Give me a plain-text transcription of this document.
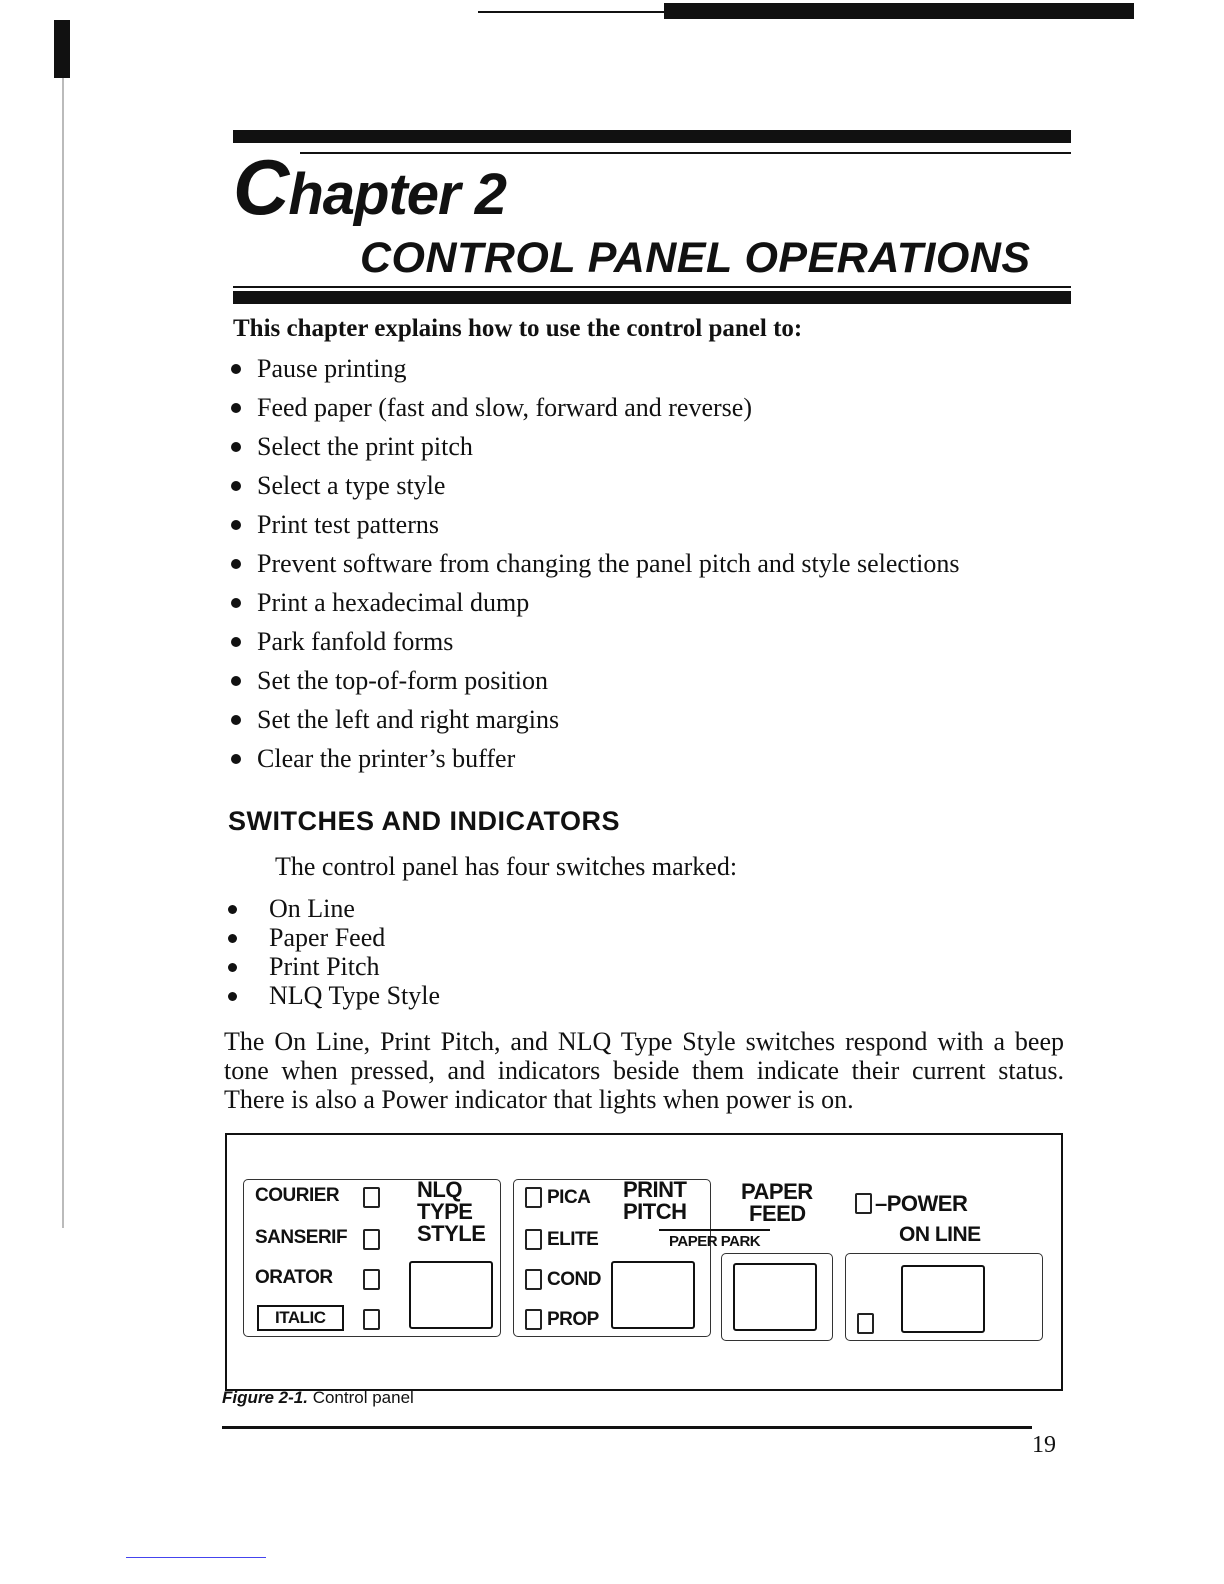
Chapter 2
CONTROL PANEL OPERATIONS
This chapter explains how to use the control panel to:
Pause printing
Feed paper (fast and slow, forward and reverse)
Select the print pitch
Select a type style
Print test patterns
Prevent software from changing the panel pitch and style selections
Print a hexadecimal dump
Park fanfold forms
Set the top-of-form position
Set the left and right margins
Clear the printer’s buffer
SWITCHES AND INDICATORS
The control panel has four switches marked:
On Line
Paper Feed
Print Pitch
NLQ Type Style
The On Line, Print Pitch, and NLQ Type Style switches respond with a beep tone when pressed, and indicators beside them indicate their current status. There is also a Power indicator that lights when power is on.
COURIER
SANSERIF
ORATOR
ITALIC
NLQ
TYPE
STYLE
PICA
ELITE
COND
PROP
PRINT
PITCH
PAPER
FEED
PAPER PARK
–POWER
ON LINE
Figure 2-1. Control panel
19
